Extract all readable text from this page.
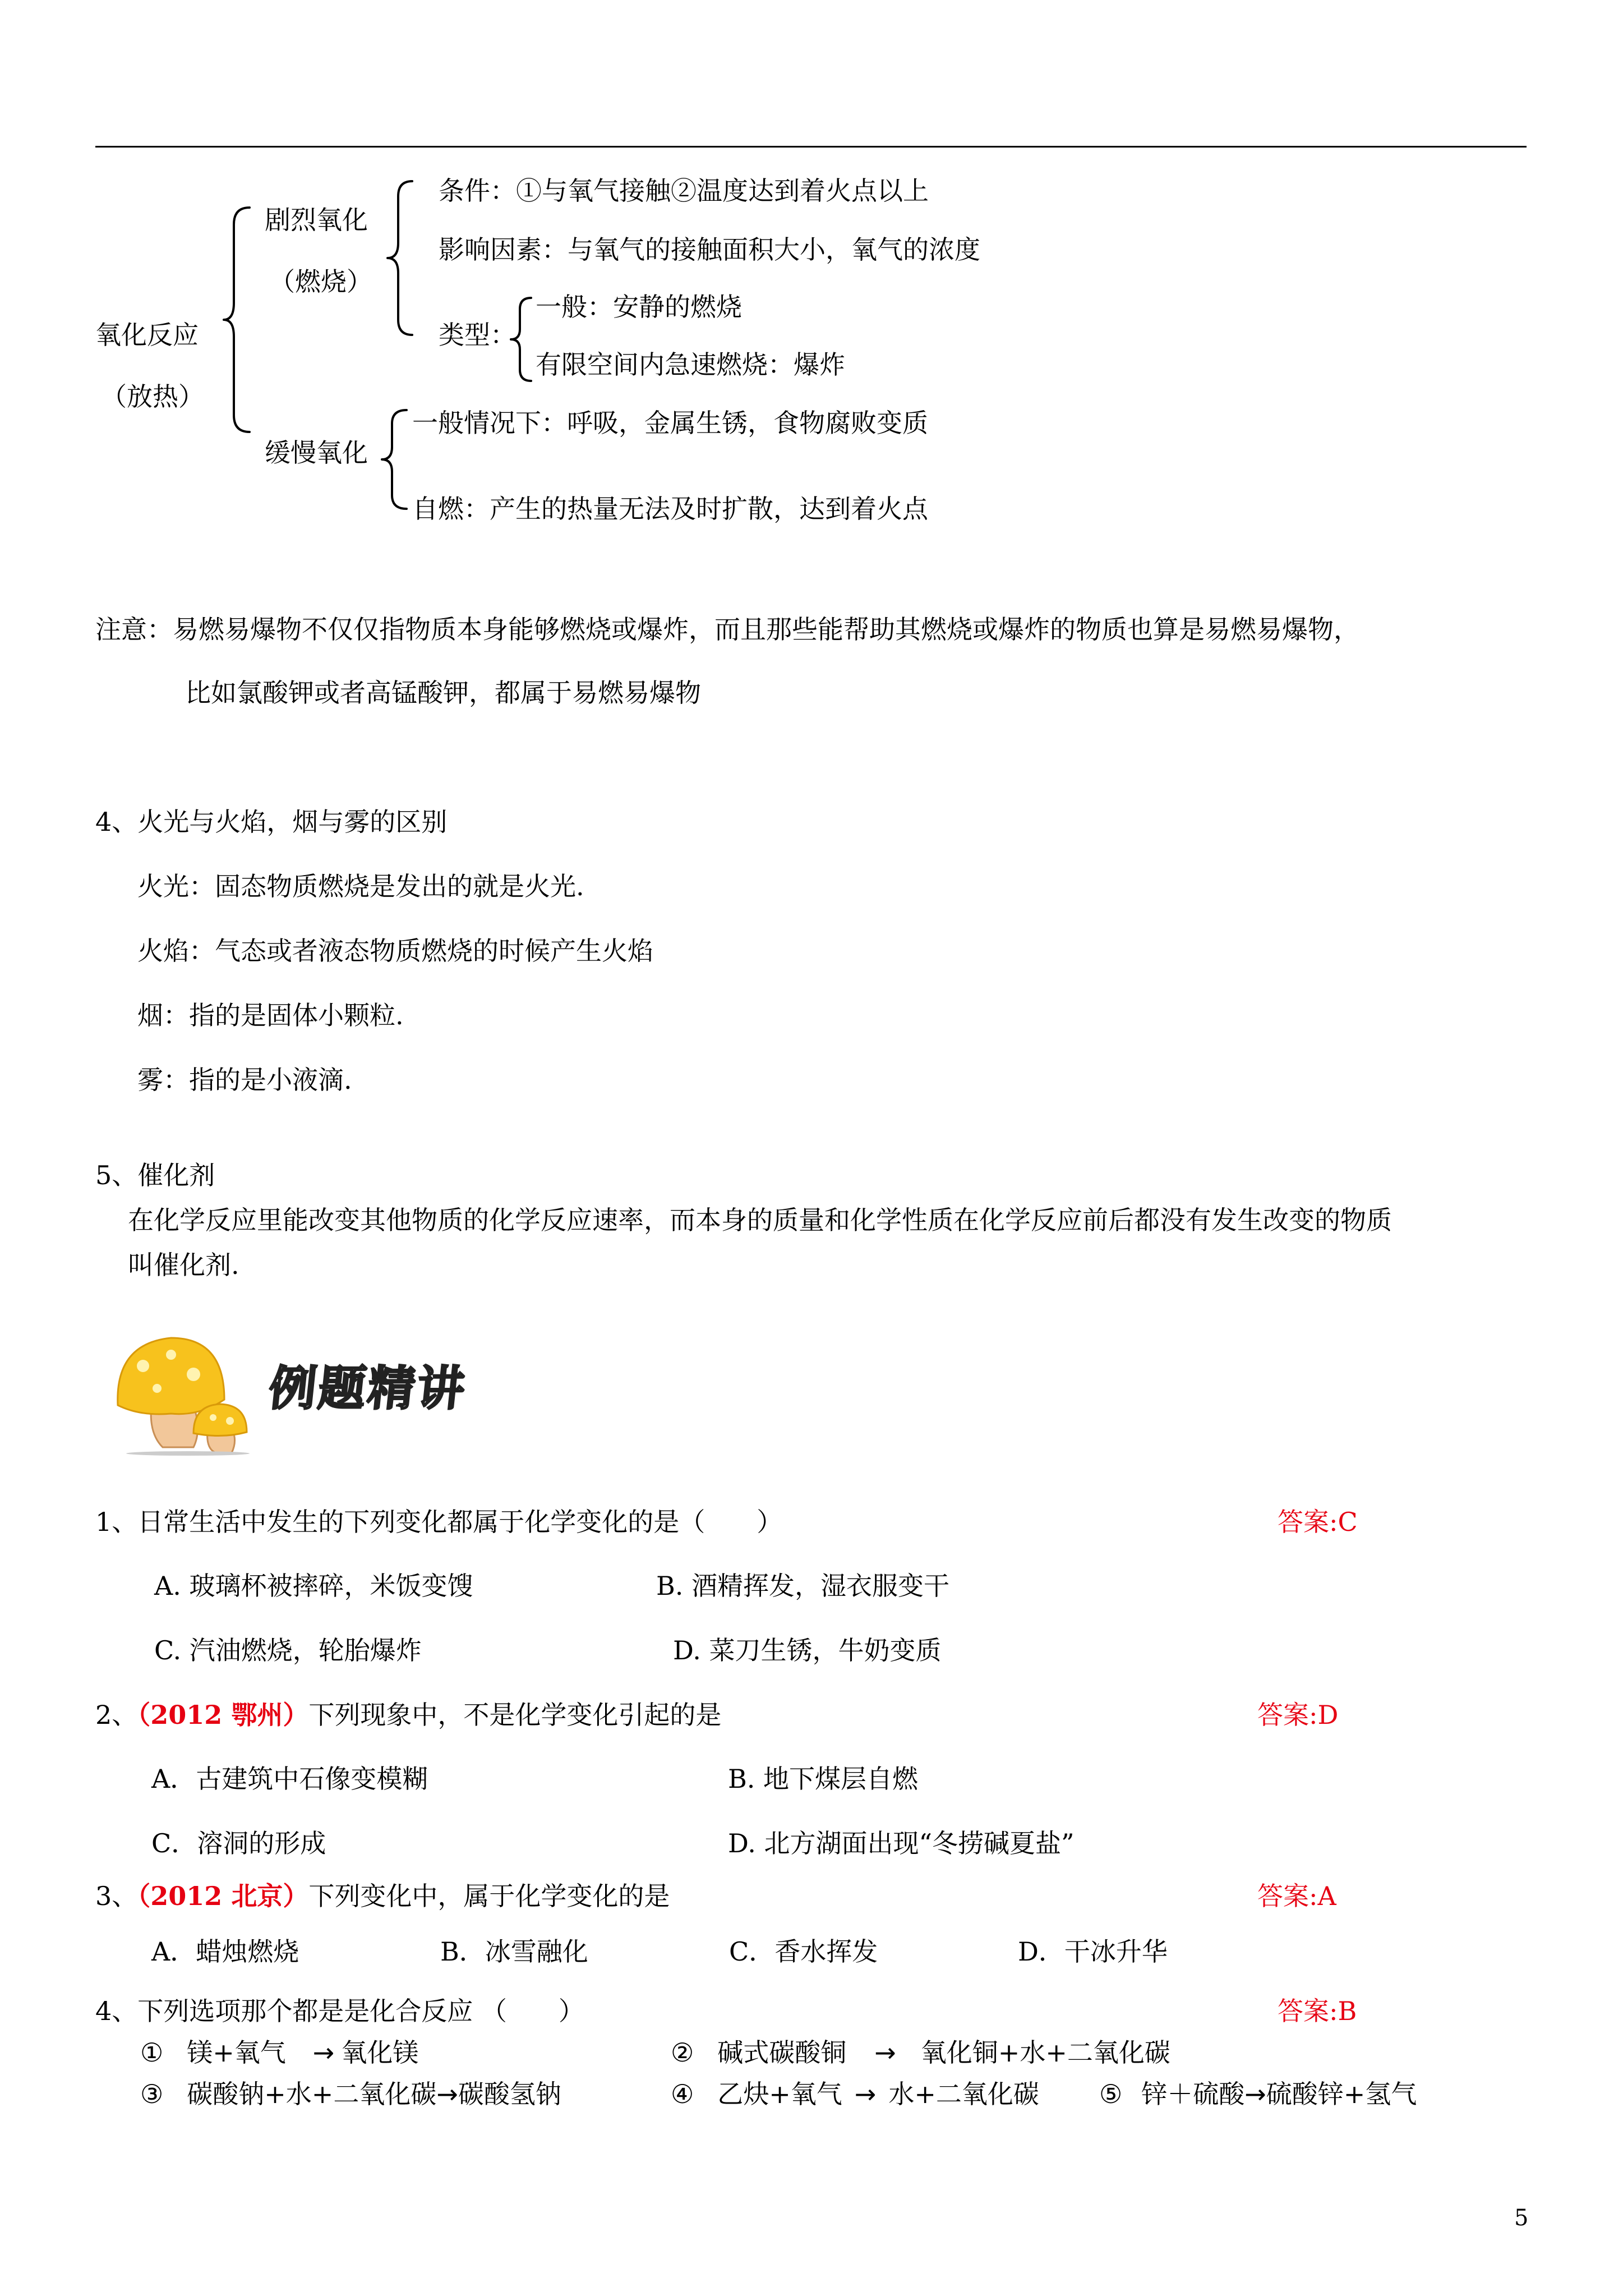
氧化反应
（放热）
剧烈氧化
（燃烧）
条件：①与氧气接触②温度达到着火点以上
影响因素：与氧气的接触面积大小，氧气的浓度
类型：
一般：安静的燃烧
有限空间内急速燃烧：爆炸
缓慢氧化
一般情况下：呼吸，金属生锈，食物腐败变质
自燃：产生的热量无法及时扩散，达到着火点
注意：易燃易爆物不仅仅指物质本身能够燃烧或爆炸，而且那些能帮助其燃烧或爆炸的物质也算是易燃易爆物，
比如氯酸钾或者高锰酸钾，都属于易燃易爆物
4、火光与火焰，烟与雾的区别
火光：固态物质燃烧是发出的就是火光.
火焰：气态或者液态物质燃烧的时候产生火焰
烟：指的是固体小颗粒.
雾：指的是小液滴.
5、催化剂
在化学反应里能改变其他物质的化学反应速率，而本身的质量和化学性质在化学反应前后都没有发生改变的物质
叫催化剂.
例题精讲
1、日常生活中发生的下列变化都属于化学变化的是（　　）	答案:C
A. 玻璃杯被摔碎，米饭变馊	B. 酒精挥发，湿衣服变干
C. 汽油燃烧，轮胎爆炸	D. 菜刀生锈，牛奶变质
2、（2012 鄂州）下列现象中，不是化学变化引起的是	答案:D
A．古建筑中石像变模糊	B. 地下煤层自燃
C．溶洞的形成	D. 北方湖面出现“冬捞碱夏盐”
3、（2012 北京）下列变化中，属于化学变化的是	答案:A
A．蜡烛燃烧	B．冰雪融化	C．香水挥发	D．干冰升华
4、下列选项那个都是是化合反应 （　　）	答案:B
① 镁+氧气 → 氧化镁	② 碱式碳酸铜 → 氧化铜+水+二氧化碳
③ 碳酸钠+水+二氧化碳→碳酸氢钠	④ 乙炔+氧气 → 水+二氧化碳 ⑤ 锌＋硫酸→硫酸锌+氢气
5
